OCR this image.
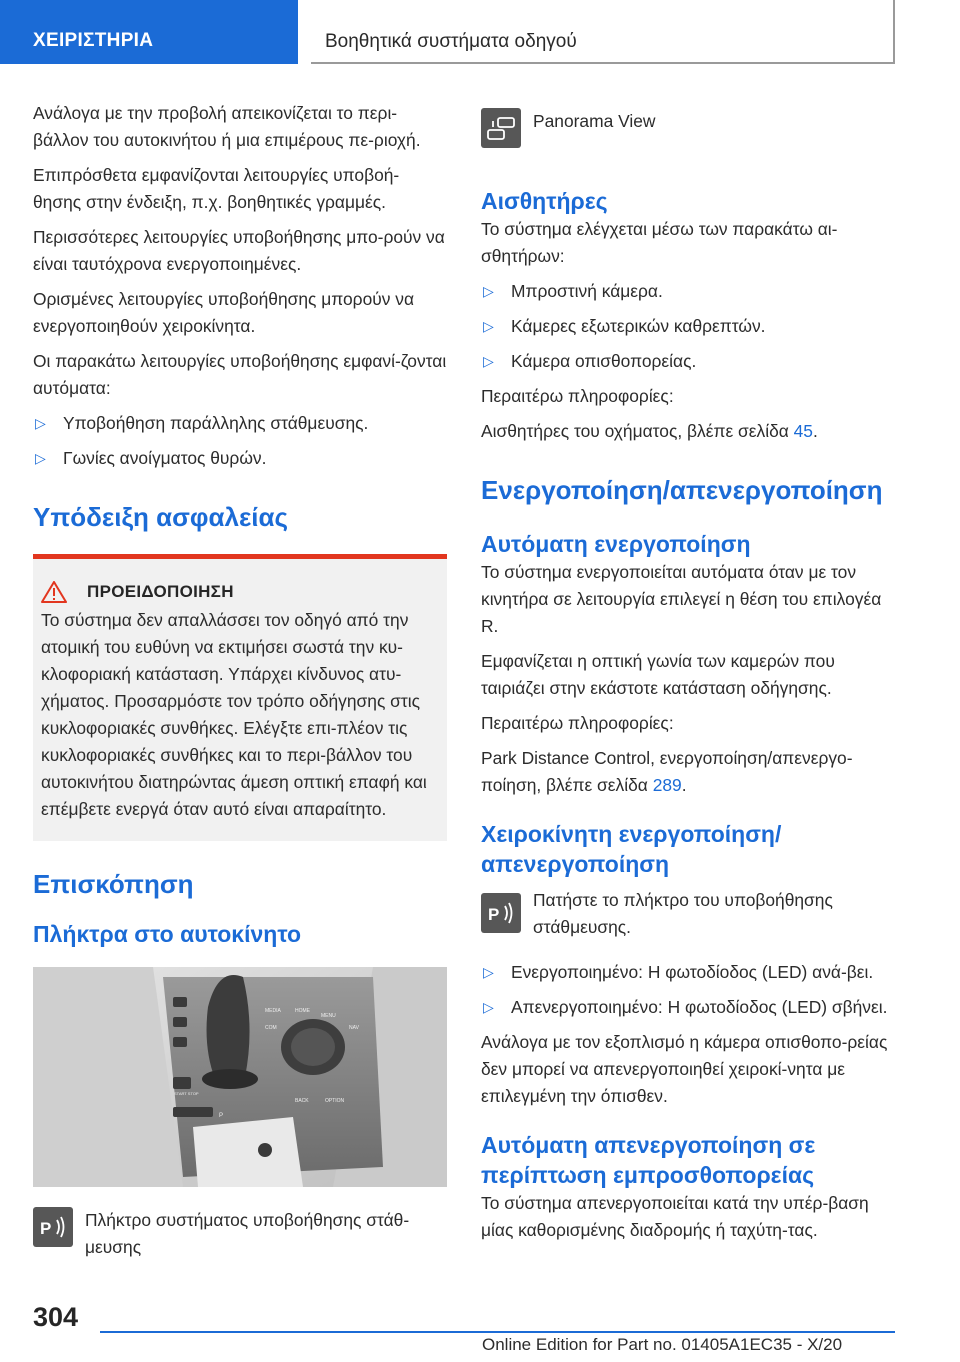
ΧΕΙΡΙΣΤΗΡΙΑ	Βοηθητικά συστήματα οδηγού

Ανάλογα με την προβολή απεικονίζεται το περι-βάλλον του αυτοκινήτου ή μια επιμέρους πε-ριοχή.

Επιπρόσθετα εμφανίζονται λειτουργίες υποβοή-θησης στην ένδειξη, π.χ. βοηθητικές γραμμές.

Περισσότερες λειτουργίες υποβοήθησης μπο-ρούν να είναι ταυτόχρονα ενεργοποιημένες.

Ορισμένες λειτουργίες υποβοήθησης μπορούν να ενεργοποιηθούν χειροκίνητα.

Οι παρακάτω λειτουργίες υποβοήθησης εμφανί-ζονται αυτόματα:

▷ Υποβοήθηση παράλληλης στάθμευσης.
▷ Γωνίες ανοίγματος θυρών.
Υπόδειξη ασφαλείας
ΠΡΟΕΙΔΟΠΟΙΗΣΗ

Το σύστημα δεν απαλλάσσει τον οδηγό από την ατομική του ευθύνη να εκτιμήσει σωστά την κυ-κλοφοριακή κατάσταση. Υπάρχει κίνδυνος ατυ-χήματος. Προσαρμόστε τον τρόπο οδήγησης στις κυκλοφοριακές συνθήκες. Ελέγξτε επι-πλέον τις κυκλοφοριακές συνθήκες και το περι-βάλλον του αυτοκινήτου διατηρώντας άμεση οπτική επαφή και επέμβετε ενεργά όταν αυτό είναι απαραίτητο.

Επισκόπηση
Πλήκτρα στο αυτοκίνητο
MEDIA	HOME
MENU
COM	NAV
START STOP
P
BACK	OPTION
P Πλήκτρο συστήματος υποβοήθησης στάθ-μευσης

Panorama View

Αισθητήρες

Το σύστημα ελέγχεται μέσω των παρακάτω αι-σθητήρων:

▷ Μπροστινή κάμερα.
▷ Κάμερες εξωτερικών καθρεπτών.
▷ Κάμερα οπισθοπορείας.

Περαιτέρω πληροφορίες:

Αισθητήρες του οχήματος, βλέπε σελίδα 45.

Ενεργοποίηση/απενεργοποίηση
Αυτόματη ενεργοποίηση

Το σύστημα ενεργοποιείται αυτόματα όταν με τον κινητήρα σε λειτουργία επιλεγεί η θέση του επιλογέα R.

Εμφανίζεται η οπτική γωνία των καμερών που ταιριάζει στην εκάστοτε κατάσταση οδήγησης.

Περαιτέρω πληροφορίες:

Park Distance Control, ενεργοποίηση/απενεργο-ποίηση, βλέπε σελίδα 289.

Χειροκίνητη ενεργοποίηση/ απενεργοποίηση
P

Πατήστε το πλήκτρο του υποβοήθησης στάθμευσης.

▷ Ενεργοποιημένο: Η φωτοδίοδος (LED) ανά-βει.
▷ Απενεργοποιημένο: Η φωτοδίοδος (LED) σβήνει.

Ανάλογα με τον εξοπλισμό η κάμερα οπισθοπο-ρείας δεν μπορεί να απενεργοποιηθεί χειροκί-νητα με επιλεγμένη την όπισθεν.

Αυτόματη απενεργοποίηση σε περίπτωση εμπροσθοπορείας

Το σύστημα απενεργοποιείται κατά την υπέρ-βαση μίας καθορισμένης διαδρομής ή ταχύτη-τας.

304
Online Edition for Part no. 01405A1EC35 - X/20
